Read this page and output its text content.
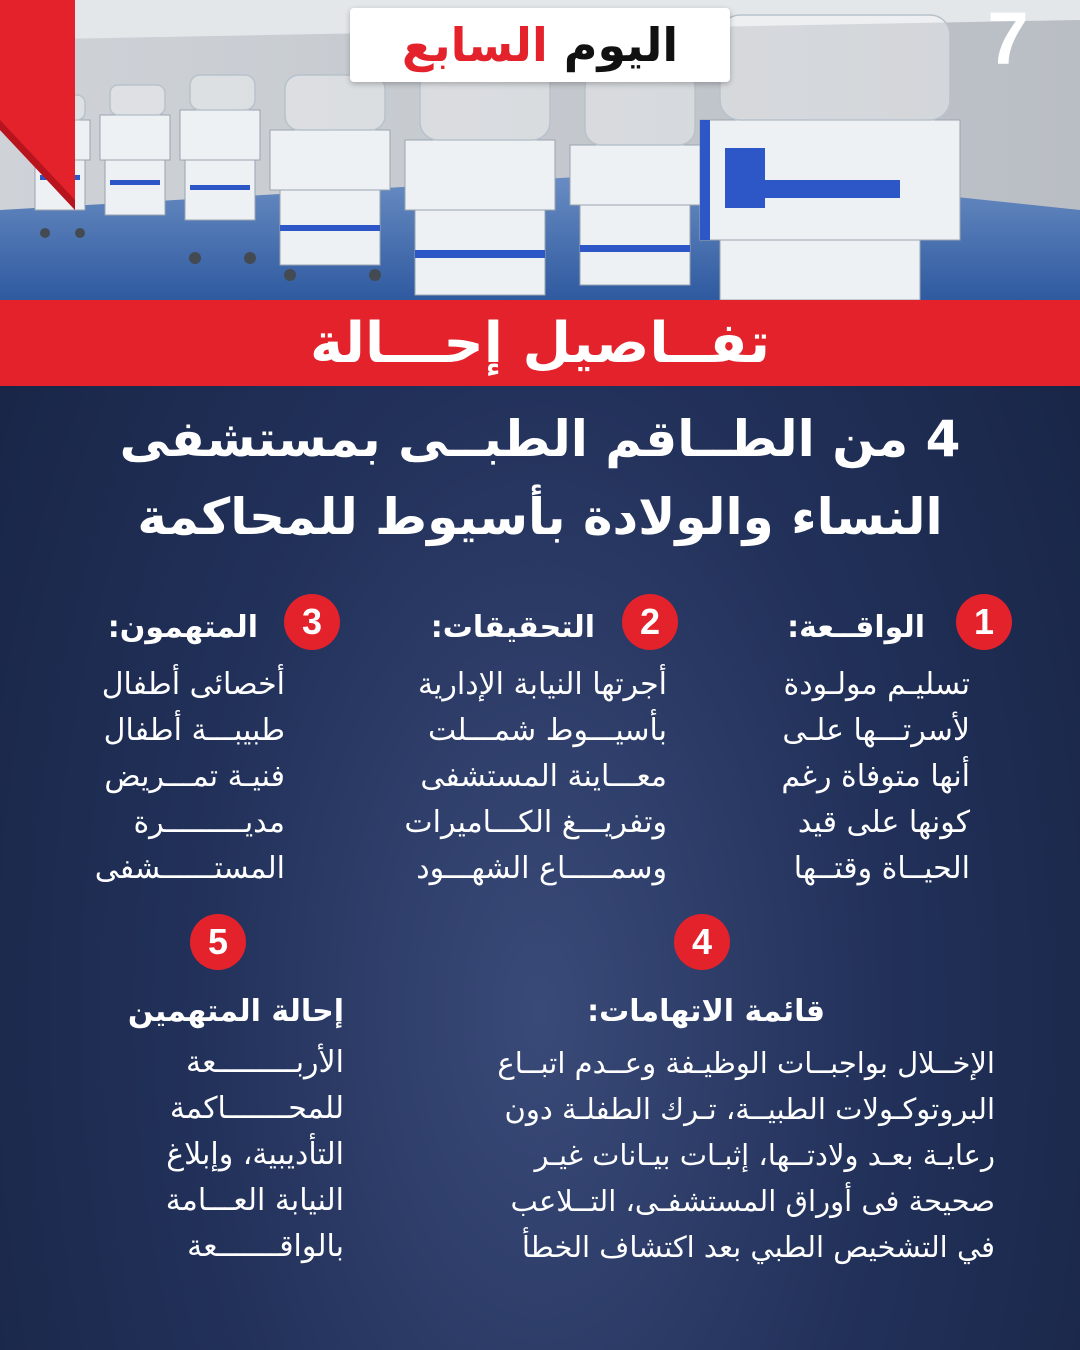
7
اليوم

السابع
تفــاصيل إحـــالة
4 من الطــاقم الطبــى بمستشفى
النساء والولادة بأسيوط للمحاكمة
1
الواقــعة:
تسليـم مولـودة
لأسرتـــها علـى
أنها متوفاة رغم
كونها على قيد
الحيــاة وقتــها
2
التحقيقات:
أجرتها النيابة الإدارية
بأسيـــوط شمـــلت
معـــاينة المستشفى
وتفريـــغ الكـــاميرات
وسمـــــاع الشهـــود
3
المتهمون:
أخصائى أطفال
طبيبـــة أطفال
فنيـة تمـــريض
مديـــــــــرة
المستــــــشفى
4
قائمة الاتهامات:
الإخــلال بواجبــات الوظيـفة وعــدم اتبــاع
البروتوكـولات الطبيــة، تـرك الطفلـة دون
رعايـة بعـد ولادتــها، إثبـات بيـانات غيـر
صحيحة فى أوراق المستشفـى، التــلاعب
في التشخيص الطبي بعد اكتشاف الخطأ
5
إحالة المتهمين
الأربـــــــــعة
للمحـــــــاكمة
التأديبية، وإبلاغ
النيابة العـــامة
بالواقـــــــعة
